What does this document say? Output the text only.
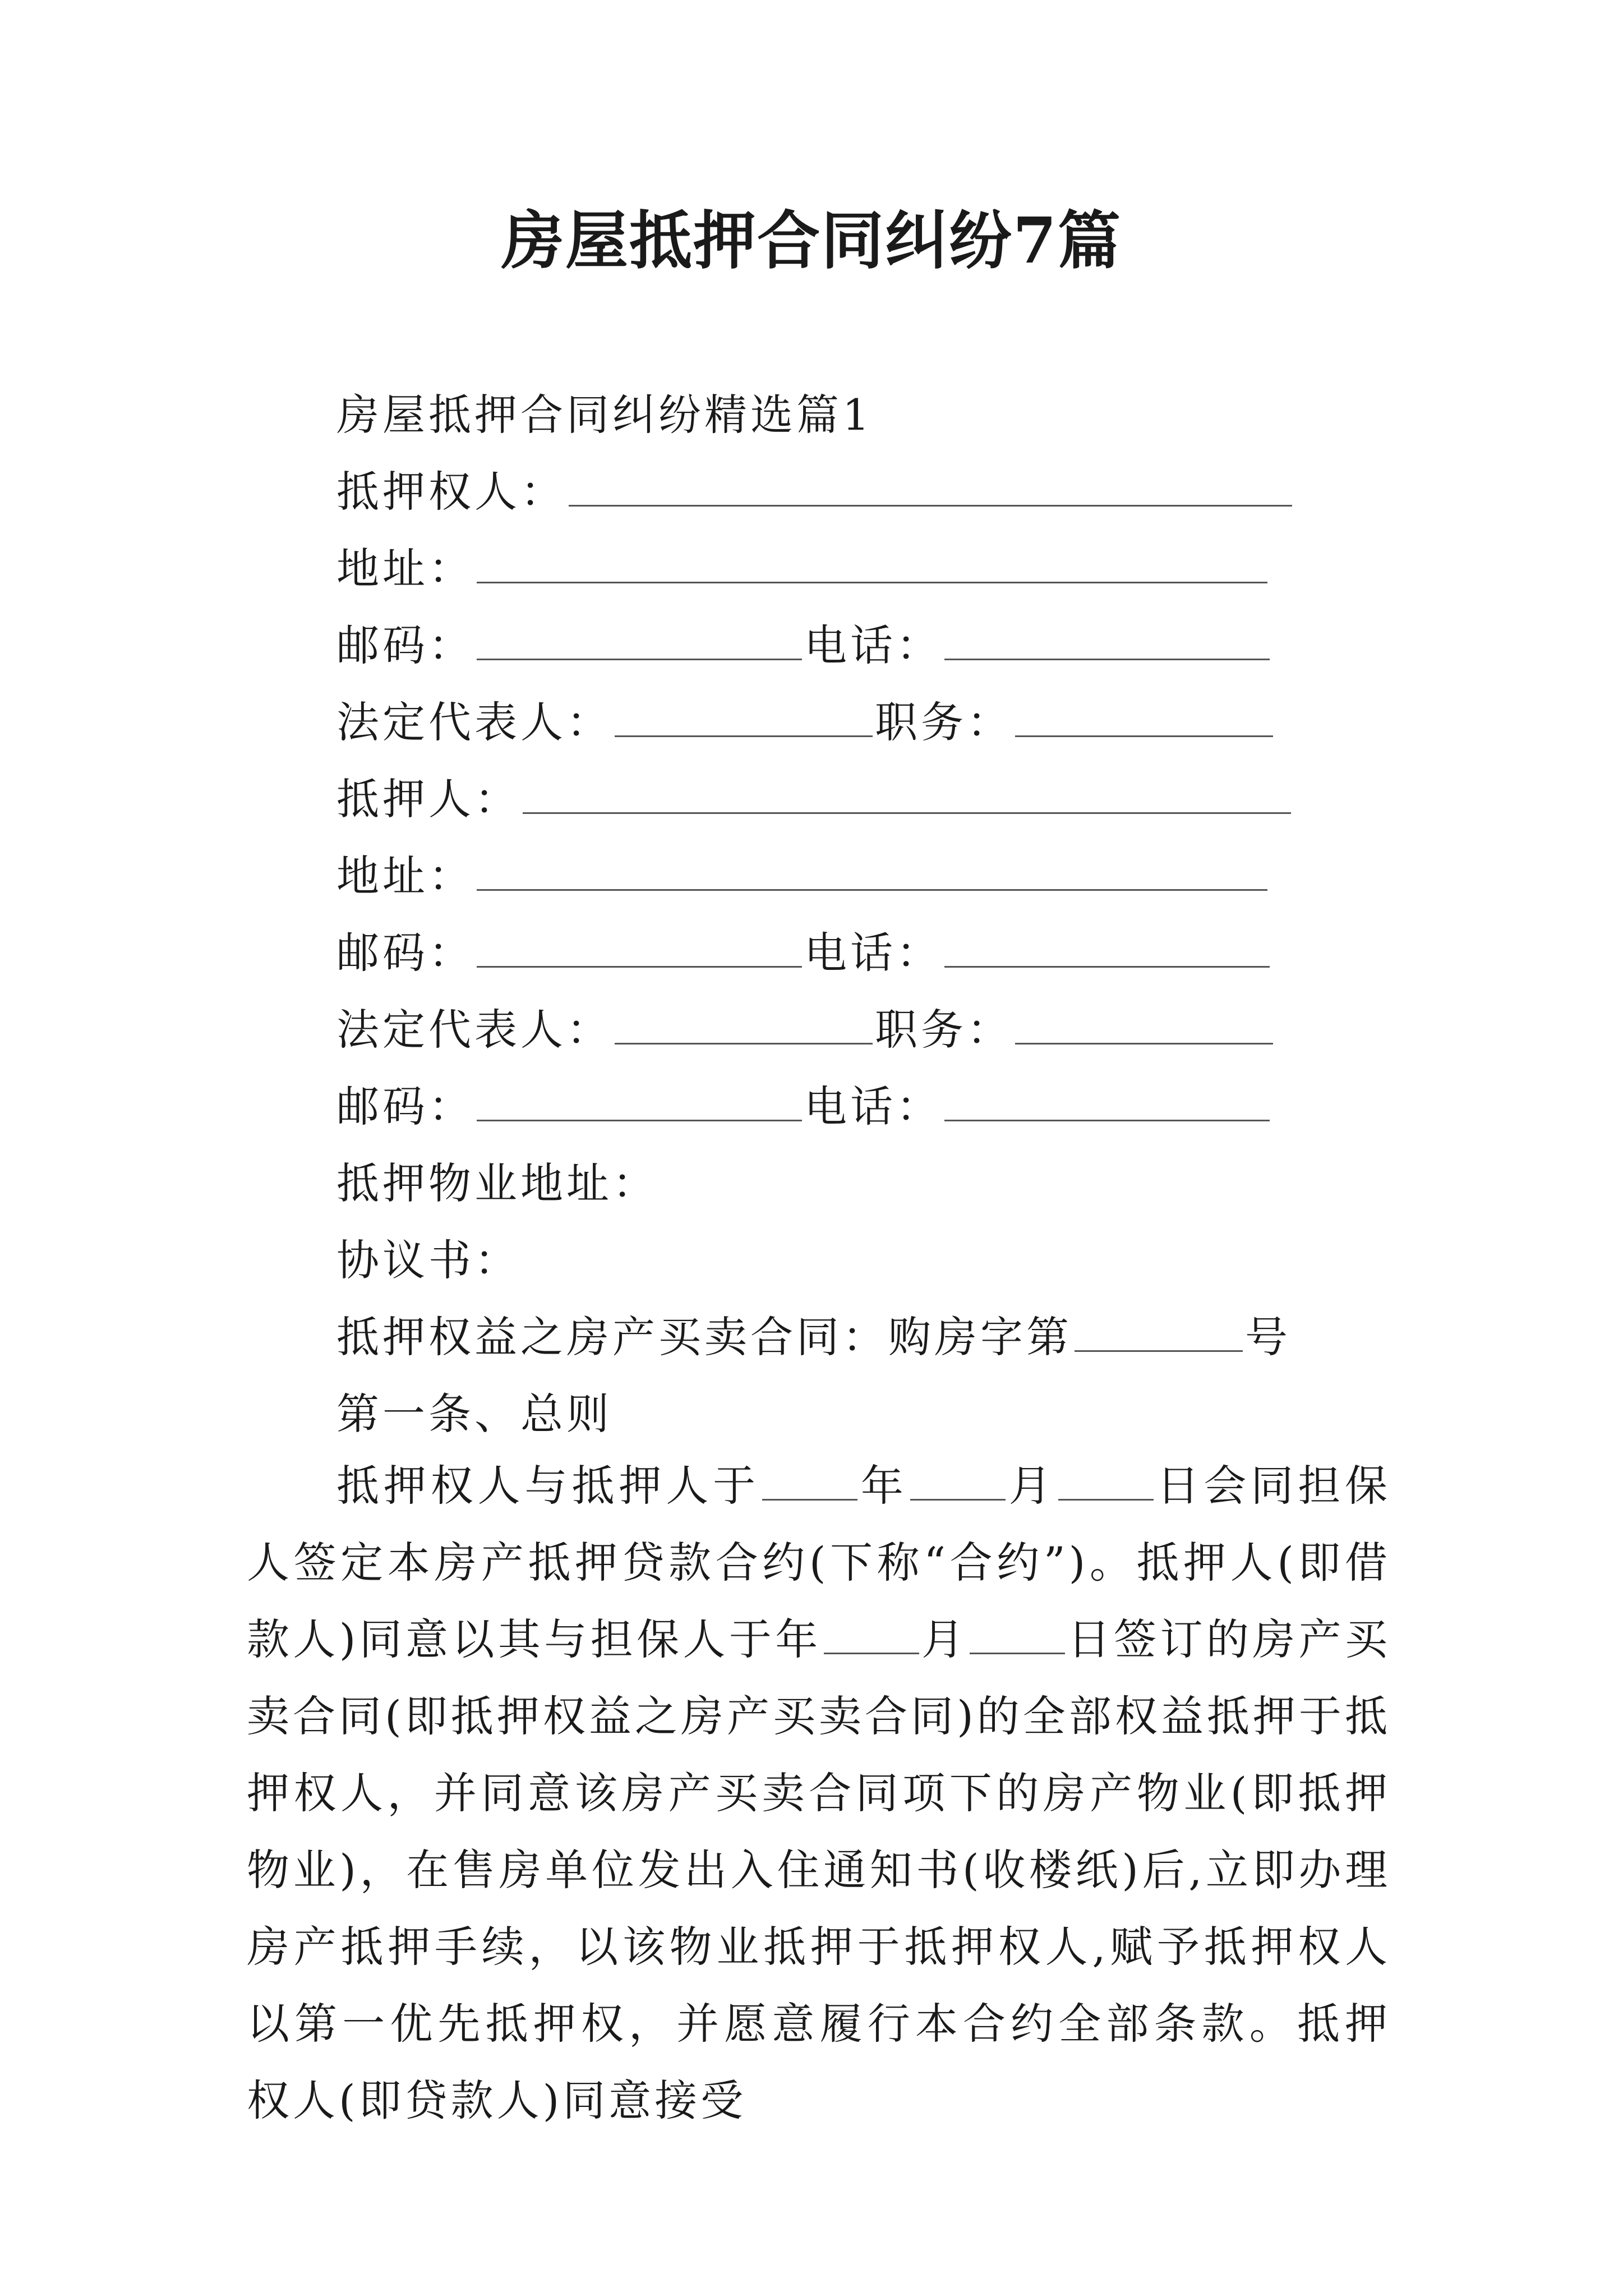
房屋抵押合同纠纷7篇
房屋抵押合同纠纷精选篇1
抵押权人：
地址：
邮码：	电话：
法定代表人：	职务：
抵押人：
地址：
邮码：	电话：
法定代表人：	职务：
邮码：	电话：
抵押物业地址：
协议书：
抵押权益之房产买卖合同：购房字第	号
第一条、总则
抵押权人与抵押人于 年 月 日会同担保人签定本房产抵押贷款合约(下称“合约”)。抵押人(即借款人)同意以其与担保人于年 月 日签订的房产买卖合同(即抵押权益之房产买卖合同)的全部权益抵押于抵押权人，并同意该房产买卖合同项下的房产物业(即抵押物业)，在售房单位发出入住通知书(收楼纸)后,立即办理房产抵押手续，以该物业抵押于抵押权人,赋予抵押权人以第一优先抵押权，并愿意履行本合约全部条款。抵押权人(即贷款人)同意接受
